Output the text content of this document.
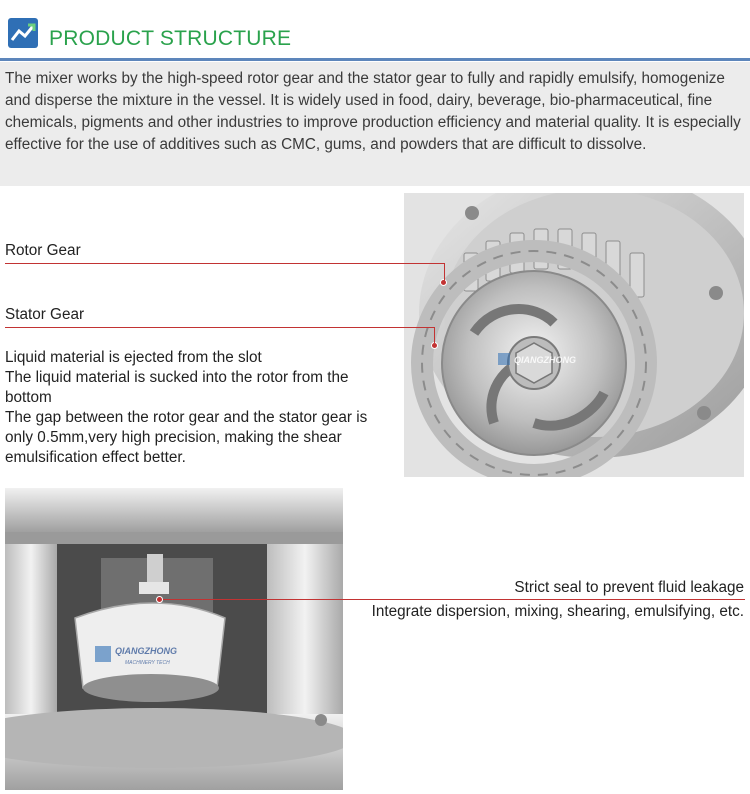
PRODUCT STRUCTURE

The mixer works by the high-speed rotor gear and the stator gear to fully and rapidly emulsify, homogenize and disperse the mixture in the vessel. It is widely used in food, dairy, beverage, bio-pharmaceutical, fine chemicals, pigments and other industries to improve production efficiency and material quality. It is especially effective for the use of additives such as CMC, gums, and powders that are difficult to dissolve.

QIANGZHONG
QIANGZHONG
MACHINERY TECH
Rotor Gear
Stator Gear
Liquid material is ejected from the slot
The liquid material is sucked into the rotor from the bottom
The gap between the rotor gear and the stator gear is only 0.5mm,very high precision, making the shear emulsification effect better.
Strict seal to prevent fluid leakage
Integrate dispersion, mixing, shearing, emulsifying, etc.
